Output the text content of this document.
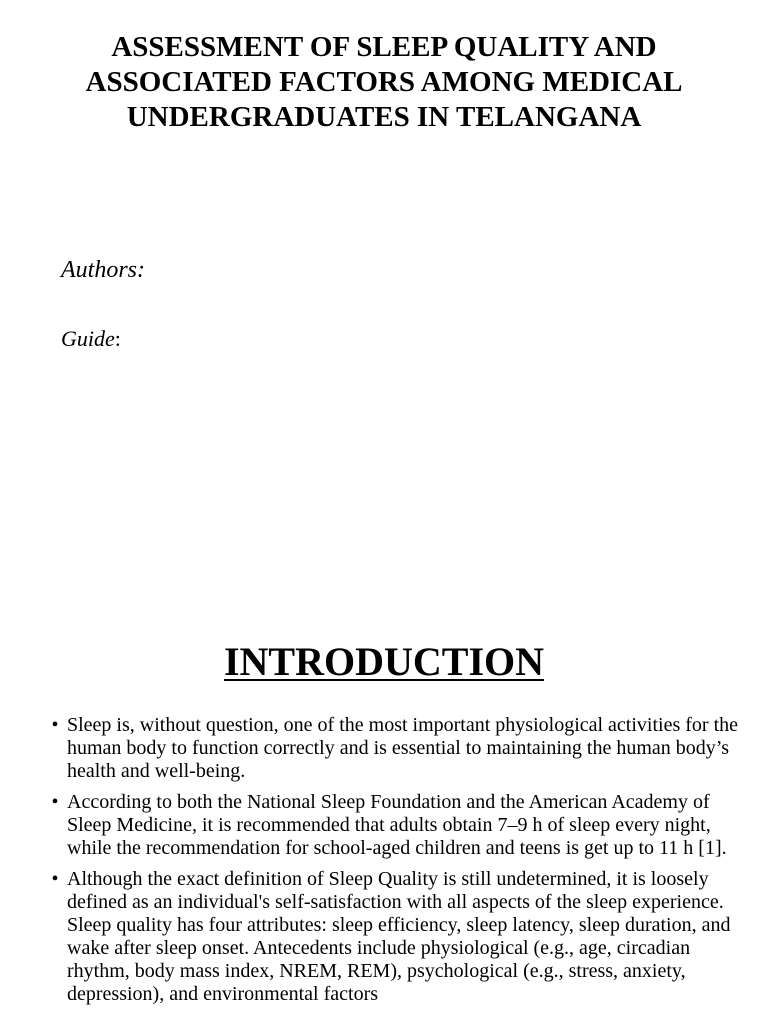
ASSESSMENT OF SLEEP QUALITY AND ASSOCIATED FACTORS AMONG MEDICAL UNDERGRADUATES IN TELANGANA

Authors:

Guide:

INTRODUCTION
• Sleep is, without question, one of the most important physiological activities for the human body to function correctly and is essential to maintaining the human body’s health and well-being.
• According to both the National Sleep Foundation and the American Academy of Sleep Medicine, it is recommended that adults obtain 7–9 h of sleep every night, while the recommendation for school-aged children and teens is get up to 11 h [1].
• Although the exact definition of Sleep Quality is still undetermined, it is loosely defined as an individual's self-satisfaction with all aspects of the sleep experience. Sleep quality has four attributes: sleep efficiency, sleep latency, sleep duration, and wake after sleep onset. Antecedents include physiological (e.g., age, circadian rhythm, body mass index, NREM, REM), psychological (e.g., stress, anxiety, depression), and environmental factors
